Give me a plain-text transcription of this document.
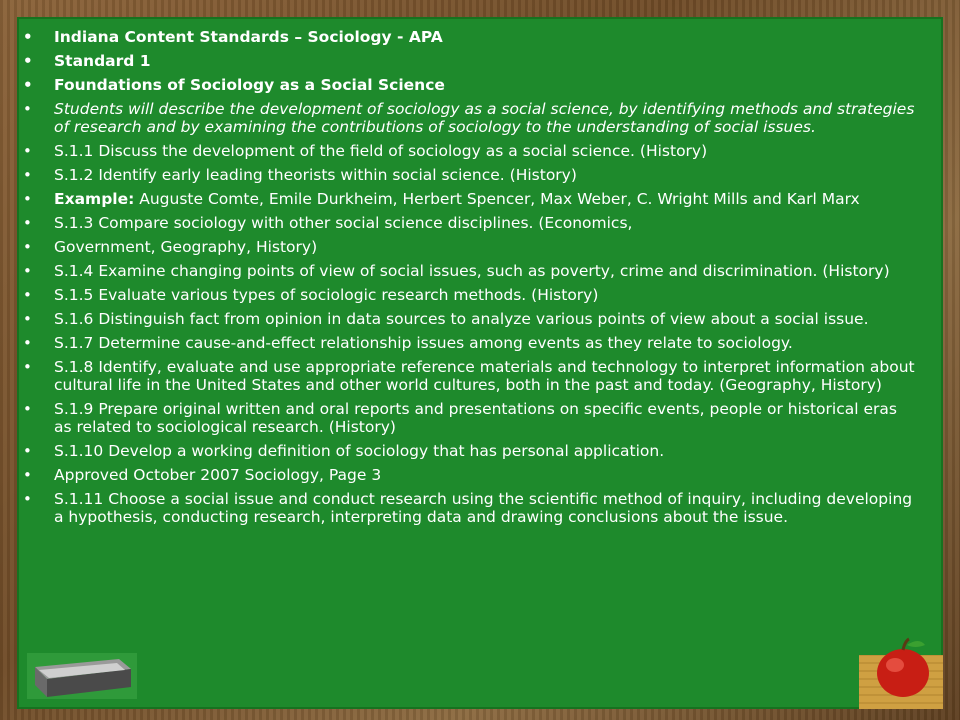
• Indiana Content Standards – Sociology - APA
• Standard 1
• Foundations of Sociology as a Social Science
• Students will describe the development of sociology as a social science, by identifying methods and strategies of research and by examining the contributions of sociology to the understanding of social issues.
• S.1.1 Discuss the development of the field of sociology as a social science. (History)
• S.1.2 Identify early leading theorists within social science. (History)
• Example: Auguste Comte, Emile Durkheim, Herbert Spencer, Max Weber, C. Wright Mills and Karl Marx
• S.1.3 Compare sociology with other social science disciplines. (Economics,
• Government, Geography, History)
• S.1.4 Examine changing points of view of social issues, such as poverty, crime and discrimination. (History)
• S.1.5 Evaluate various types of sociologic research methods. (History)
• S.1.6 Distinguish fact from opinion in data sources to analyze various points of view about a social issue.
• S.1.7 Determine cause-and-effect relationship issues among events as they relate to sociology.
• S.1.8 Identify, evaluate and use appropriate reference materials and technology to interpret information about cultural life in the United States and other world cultures, both in the past and today. (Geography, History)
• S.1.9 Prepare original written and oral reports and presentations on specific events, people or historical eras as related to sociological research. (History)
• S.1.10 Develop a working definition of sociology that has personal application.
• Approved October 2007 Sociology, Page 3
• S.1.11 Choose a social issue and conduct research using the scientific method of inquiry, including developing a hypothesis, conducting research, interpreting data and drawing conclusions about the issue.
